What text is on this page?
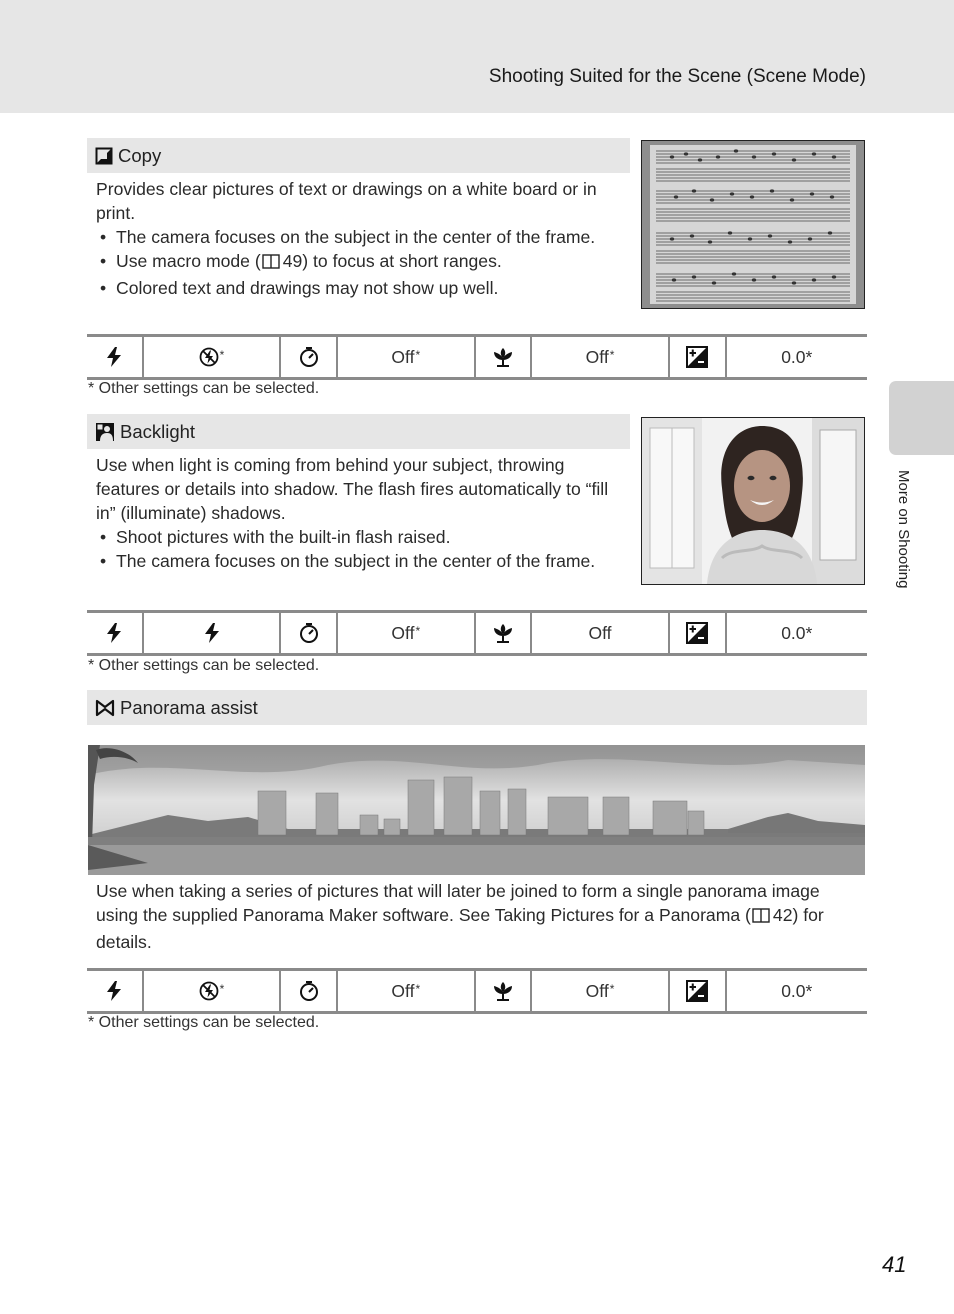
Shooting Suited for the Scene (Scene Mode)
More on Shooting
Copy

Provides clear pictures of text or drawings on a white board or in print.

• The camera focuses on the subject in the center of the frame.
• Use macro mode ( 49) to focus at short ranges.
• Colored text and drawings may not show up well.
*	Off*	Off*	0.0*
* Other settings can be selected.
Backlight

Use when light is coming from behind your subject, throwing features or details into shadow. The flash fires automatically to “fill in” (illuminate) shadows.

• Shoot pictures with the built-in flash raised.
• The camera focuses on the subject in the center of the frame.
Off*	Off	0.0*
* Other settings can be selected.
Panorama assist

Use when taking a series of pictures that will later be joined to form a single panorama image using the supplied Panorama Maker software. See Taking Pictures for a Panorama ( 42) for details.

*	Off*	Off*	0.0*
* Other settings can be selected.
41
